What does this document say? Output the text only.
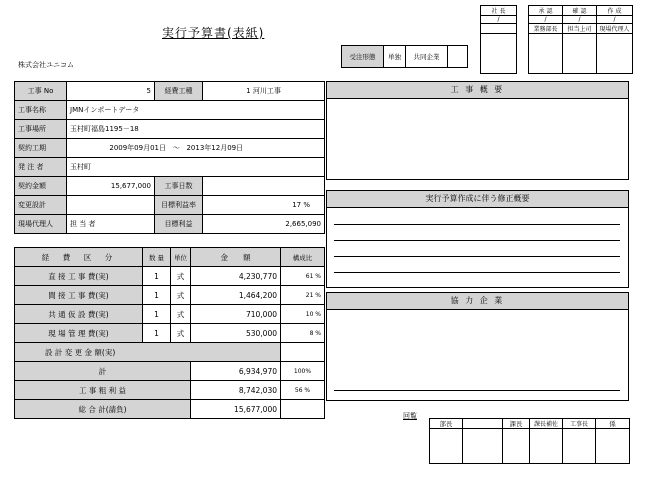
実行予算書(表紙)
株式会社ユニコム
社 長		承 認	確 認	作 成
/		/	/	/
		業務部長	担当上司	現場代理人

受注形態	単独	共同企業	
工事 No	5	経費工種	1 河川工事
工事名称	JMNインポートデータ		
工事場所	玉村町福島1195－18		
契約工期	2009年09月01日 ～ 2013年12月09日		
発 注 者	玉村町		
契約金額	15,677,000	工事日数	
変更設計		目標利益率	17 %
現場代理人	担 当 者	目標利益	2,665,090
経　費　区　分	数 量	単位	金　　額	構成比
直 接 工 事 費(実)	1	式	4,230,770	61 %
間 接 工 事 費(実)	1	式	1,464,200	21 %
共 通 仮 設 費(実)	1	式	710,000	10 %
現 場 管 理 費(実)	1	式	530,000	8 %
設 計 変 更 金 額(実)				
計			6,934,970	100%
工 事 粗 利 益			8,742,030	56 %
総 合 計(請負)			15,677,000	
工 事 概 要
実行予算作成に伴う修正概要
協 力 企 業
回覧
部長		課長	課長補佐	工事長	係
